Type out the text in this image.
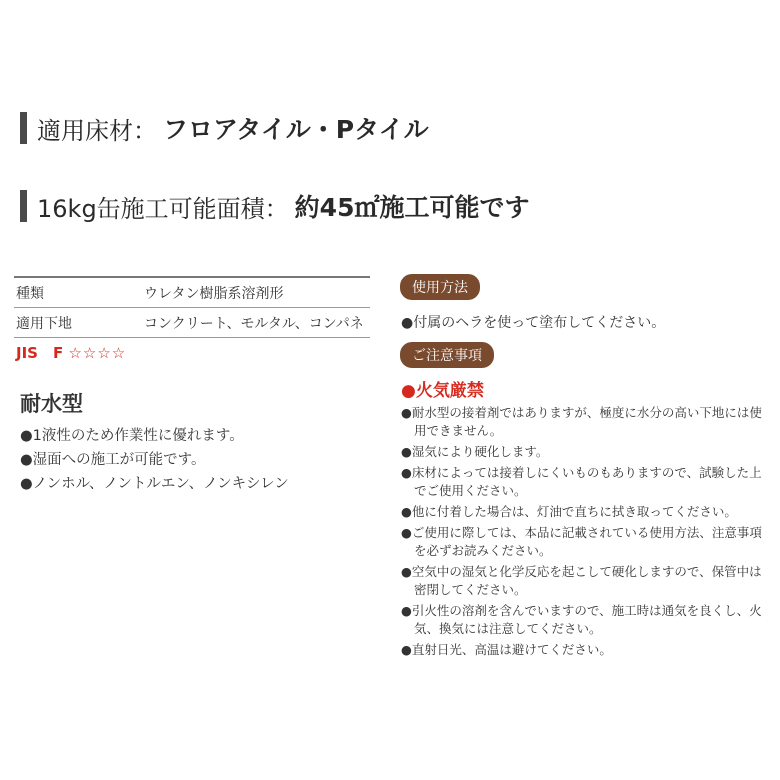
適用床材： フロアタイル・Pタイル
16kg缶施工可能面積： 約45㎡施工可能です
種類	ウレタン樹脂系溶剤形
適用下地	コンクリート、モルタル、コンパネ
JIS　F ☆☆☆☆
耐水型
●1液性のため作業性に優れます。
●湿面への施工が可能です。
●ノンホル、ノントルエン、ノンキシレン
使用方法
●付属のヘラを使って塗布してください。
ご注意事項
●火気厳禁
●耐水型の接着剤ではありますが、極度に水分の高い下地には使用できません。
●湿気により硬化します。
●床材によっては接着しにくいものもありますので、試験した上でご使用ください。
●他に付着した場合は、灯油で直ちに拭き取ってください。
●ご使用に際しては、本品に記載されている使用方法、注意事項を必ずお読みください。
●空気中の湿気と化学反応を起こして硬化しますので、保管中は密閉してください。
●引火性の溶剤を含んでいますので、施工時は通気を良くし、火気、換気には注意してください。
●直射日光、高温は避けてください。
